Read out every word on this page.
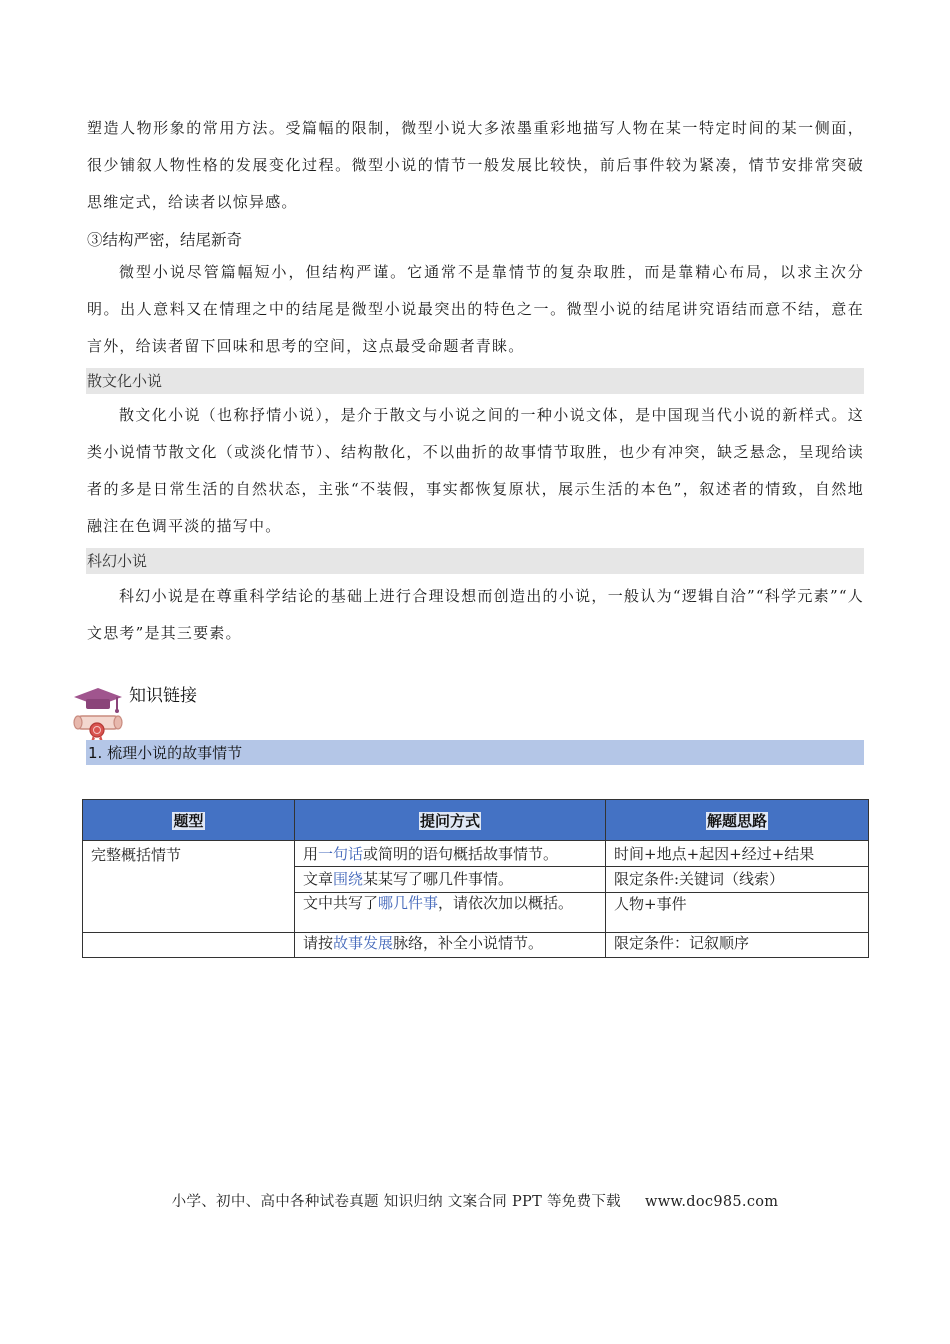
塑造人物形象的常用方法。受篇幅的限制，微型小说大多浓墨重彩地描写人物在某一特定时间的某一侧面，很少铺叙人物性格的发展变化过程。微型小说的情节一般发展比较快，前后事件较为紧凑，情节安排常突破思维定式，给读者以惊异感。

③结构严密，结尾新奇

微型小说尽管篇幅短小，但结构严谨。它通常不是靠情节的复杂取胜，而是靠精心布局，以求主次分明。出人意料又在情理之中的结尾是微型小说最突出的特色之一。微型小说的结尾讲究语结而意不结，意在言外，给读者留下回味和思考的空间，这点最受命题者青睐。

散文化小说

散文化小说（也称抒情小说），是介于散文与小说之间的一种小说文体，是中国现当代小说的新样式。这类小说情节散文化（或淡化情节）、结构散化，不以曲折的故事情节取胜，也少有冲突，缺乏悬念，呈现给读者的多是日常生活的自然状态，主张“不装假，事实都恢复原状，展示生活的本色”，叙述者的情致，自然地融注在色调平淡的描写中。

科幻小说

科幻小说是在尊重科学结论的基础上进行合理设想而创造出的小说，一般认为“逻辑自洽”“科学元素”“人文思考”是其三要素。

知识链接
1. 梳理小说的故事情节
题型	提问方式	解题思路
完整概括情节	用一句话或简明的语句概括故事情节。	时间+地点+起因+经过+结果
	文章围绕某某写了哪几件事情。	限定条件:关键词（线索）
	文中共写了哪几件事，请依次加以概括。	人物+事件
	请按故事发展脉络，补全小说情节。	限定条件：记叙顺序
小学、初中、高中各种试卷真题 知识归纳 文案合同 PPT 等免费下载 www.doc985.com
